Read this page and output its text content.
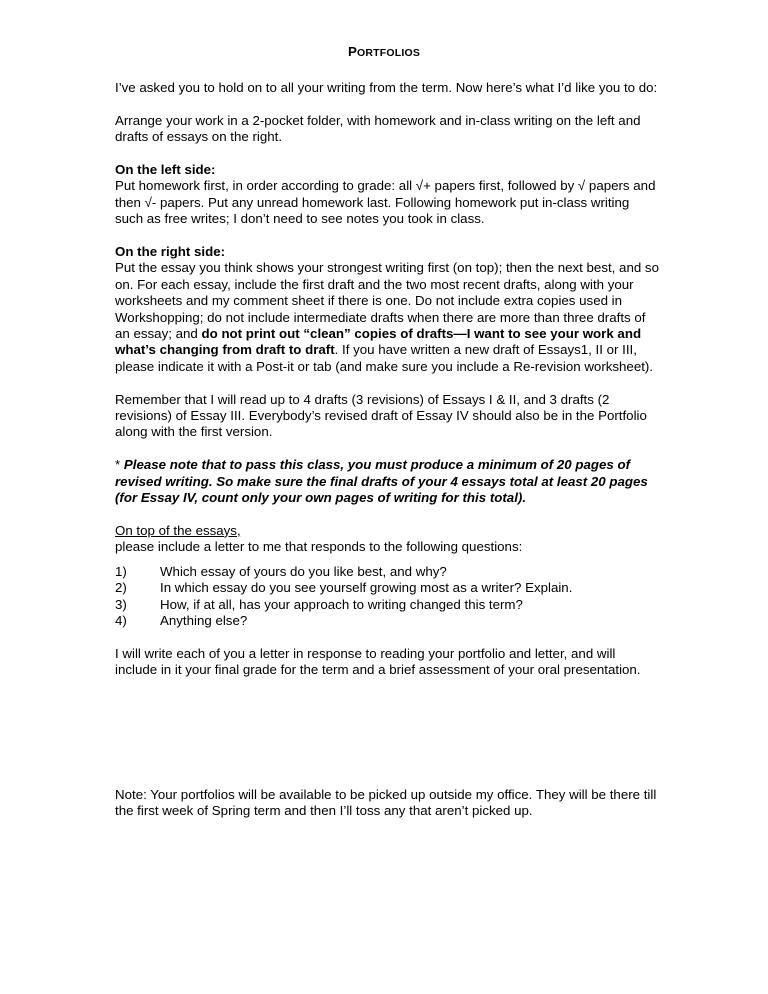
PORTFOLIOS

I’ve asked you to hold on to all your writing from the term. Now here’s what I’d like you to do:

Arrange your work in a 2-pocket folder, with homework and in-class writing on the left and drafts of essays on the right.

On the left side:
Put homework first, in order according to grade: all √+ papers first, followed by √ papers and then √- papers. Put any unread homework last. Following homework put in-class writing such as free writes; I don’t need to see notes you took in class.

On the right side:
Put the essay you think shows your strongest writing first (on top); then the next best, and so on. For each essay, include the first draft and the two most recent drafts, along with your worksheets and my comment sheet if there is one. Do not include extra copies used in Workshopping; do not include intermediate drafts when there are more than three drafts of an essay; and do not print out “clean” copies of drafts—I want to see your work and what’s changing from draft to draft. If you have written a new draft of Essays1, II or III, please indicate it with a Post-it or tab (and make sure you include a Re-revision worksheet).

Remember that I will read up to 4 drafts (3 revisions) of Essays I & II, and 3 drafts (2 revisions) of Essay III. Everybody’s revised draft of Essay IV should also be in the Portfolio along with the first version.

* Please note that to pass this class, you must produce a minimum of 20 pages of revised writing. So make sure the final drafts of your 4 essays total at least 20 pages (for Essay IV, count only your own pages of writing for this total).

On top of the essays,
please include a letter to me that responds to the following questions:

1) Which essay of yours do you like best, and why?
2) In which essay do you see yourself growing most as a writer? Explain.
3) How, if at all, has your approach to writing changed this term?
4) Anything else?

I will write each of you a letter in response to reading your portfolio and letter, and will include in it your final grade for the term and a brief assessment of your oral presentation.

Note: Your portfolios will be available to be picked up outside my office. They will be there till the first week of Spring term and then I’ll toss any that aren’t picked up.
